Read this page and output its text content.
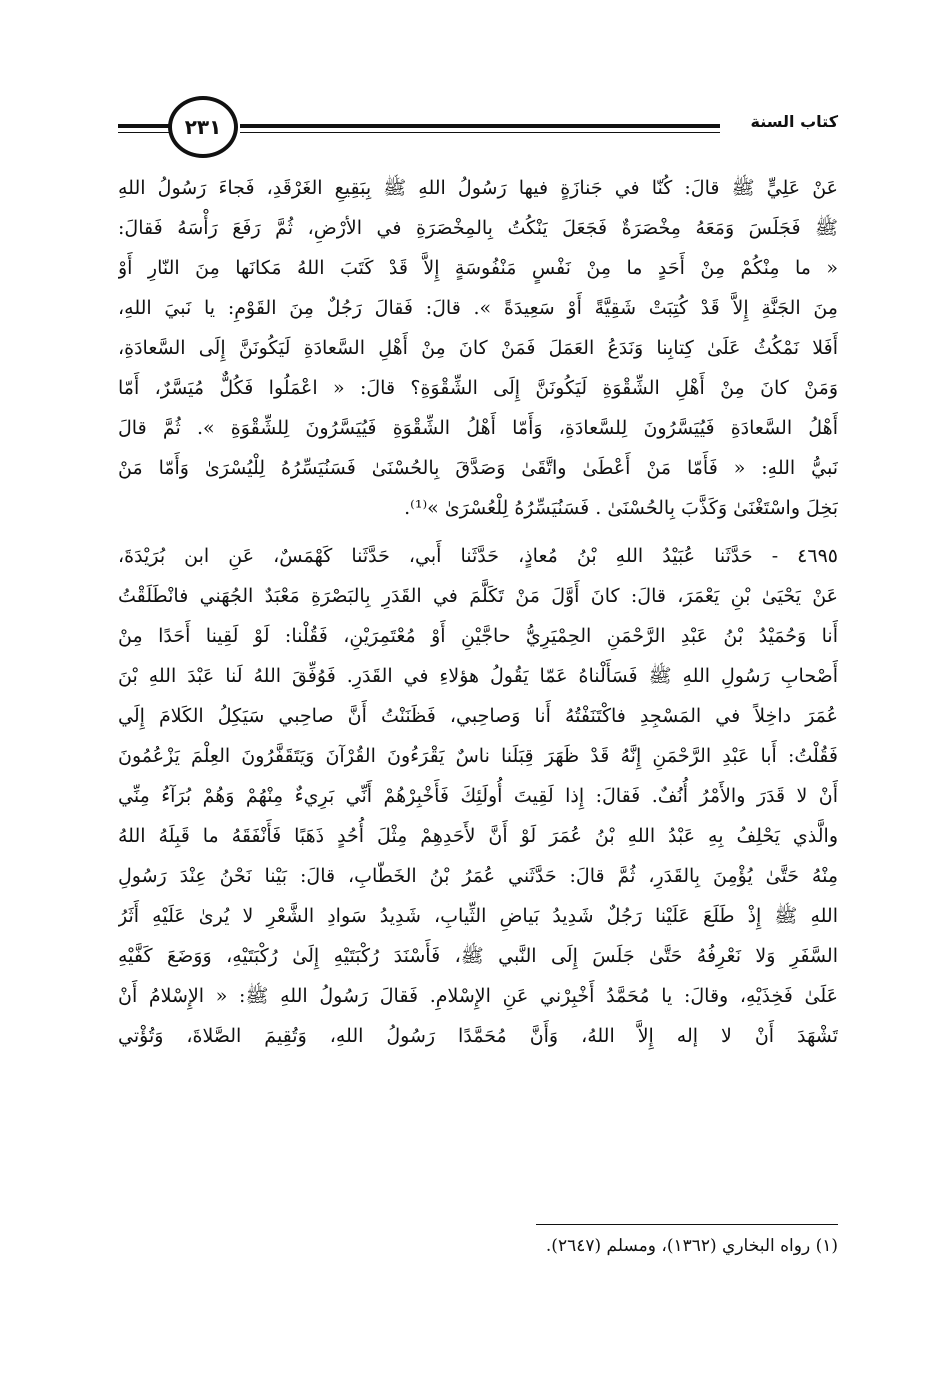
٢٣١	كتاب السنة
عَنْ عَلِيٍّ ﷺ قالَ: كُنّا في جَنازَةٍ فيها رَسُولُ اللهِ ﷺ بِبَقِيعِ الغَرْقَدِ، فَجاءَ رَسُولُ اللهِ
ﷺ فَجَلَسَ وَمَعَهُ مِخْصَرَةٌ فَجَعَلَ يَنْكُتُ بِالمِخْصَرَةِ في الأرْضِ، ثُمَّ رَفَعَ رَأْسَهُ فَقالَ:
« ما مِنْكُمْ مِنْ أَحَدٍ ما مِنْ نَفْسٍ مَنْفُوسَةٍ إِلاَّ قَدْ كَتَبَ اللهُ مَكانَها مِنَ النّارِ أَوْ
مِنَ الجَنَّةِ إِلاَّ قَدْ كُتِبَتْ شَقِيَّةً أَوْ سَعِيدَةً ». قالَ: فَقالَ رَجُلٌ مِنَ القَوْمِ: يا نَبيَ اللهِ،
أَفَلا نَمْكُثُ عَلَىٰ كِتابِنا وَنَدَعُ العَمَلَ فَمَنْ كانَ مِنْ أَهْلِ السَّعادَةِ لَيَكُونَنَّ إِلَى السَّعادَةِ،
وَمَنْ كانَ مِنْ أَهْلِ الشِّقْوَةِ لَيَكُونَنَّ إِلَى الشِّقْوَةِ؟ قالَ: « اعْمَلُوا فَكُلٌّ مُيَسَّرٌ، أَمّا
أَهْلُ السَّعادَةِ فَيُيَسَّرُونَ لِلسَّعادَةِ، وَأَمّا أَهْلُ الشِّقْوَةِ فَيُيَسَّرُونَ لِلشِّقْوَةِ ». ثُمَّ قالَ
نَبيُّ اللهِ: « فَأَمّا مَنْ أَعْطَىٰ واتَّقَىٰ وَصَدَّقَ بِالحُسْنَىٰ فَسَنُيَسِّرُهُ لِلْيُسْرَىٰ وَأَمّا مَنْ
بَخِلَ واسْتَغْنَىٰ وَكَذَّبَ بِالحُسْنَىٰ . فَسَنُيَسِّرُهُ لِلْعُسْرَىٰ »⁽¹⁾.
٤٦٩٥ - حَدَّثَنا عُبَيْدُ اللهِ بْنُ مُعاذٍ، حَدَّثَنا أَبي، حَدَّثَنا كَهْمَسٌ، عَنِ ابن بُرَيْدَةَ،
عَنْ يَحْيَىٰ بْنِ يَعْمَرَ، قالَ: كانَ أَوَّلَ مَنْ تَكَلَّمَ في القَدَرِ بِالبَصْرَةِ مَعْبَدٌ الجُهَني فانْطَلَقْتُ
أَنا وَحُمَيْدُ بْنُ عَبْدِ الرَّحْمَنِ الحِمْيَرِيُّ حاجَّيْنِ أَوْ مُعْتَمِرَيْنِ، فَقُلْنا: لَوْ لَقِينا أَحَدًا مِنْ
أَصْحابِ رَسُولِ اللهِ ﷺ فَسَأَلْناهُ عَمّا يَقُولُ هؤلاءِ في القَدَرِ. فَوُفِّقَ اللهُ لَنا عَبْدَ اللهِ بْنَ
عُمَرَ داخِلاً في المَسْجِدِ فاكْتَنَفْتُهُ أَنا وَصاحِبي، فَظَنَنْتُ أَنَّ صاحِبي سَيَكِلُ الكَلامَ إِلَي
فَقُلْتُ: أَبا عَبْدِ الرَّحْمَنِ إِنَّهُ قَدْ ظَهَرَ قِبَلَنا ناسٌ يَقْرَءُونَ القُرْآنَ وَيَتَقَفَّرُونَ العِلْمَ يَزْعُمُونَ
أَنْ لا قَدَرَ والأَمْرُ أُنُفٌ. فَقالَ: إِذا لَقِيتَ أُولَئِكَ فَأَخْبِرْهُمْ أَنِّي بَرِيءٌ مِنْهُمْ وَهُمْ بُرَآءُ مِنِّي
والَّذي يَحْلِفُ بِهِ عَبْدُ اللهِ بْنُ عُمَرَ لَوْ أَنَّ لأَحَدِهِمْ مِثْلَ أُحُدٍ ذَهَبًا فَأَنْفَقَهُ ما قَبِلَهُ اللهُ
مِنْهُ حَتَّىٰ يُؤْمِنَ بِالقَدَرِ، ثُمَّ قالَ: حَدَّثَني عُمَرُ بْنُ الخَطّابِ، قالَ: بَيْنا نَحْنُ عِنْدَ رَسُولِ
اللهِ ﷺ إِذْ طَلَعَ عَلَيْنا رَجُلٌ شَدِيدُ بَياضِ الثِّيابِ، شَدِيدُ سَوادِ الشَّعْرِ لا يُرىٰ عَلَيْهِ أَثَرُ
السَّفَرِ وَلا نَعْرِفُهُ حَتَّىٰ جَلَسَ إِلَى النَّبي ﷺ، فَأَسْنَدَ رُكْبَتَيْهِ إِلَىٰ رُكْبَتَيْهِ، وَوَضَعَ كَفَّيْهِ
عَلَىٰ فَخِذَيْهِ، وقالَ: يا مُحَمَّدُ أَخْبِرْني عَنِ الإِسْلامِ. فَقالَ رَسُولُ اللهِ ﷺ: « الإِسْلامُ أَنْ
تَشْهَدَ أَنْ لا إله إِلاَّ اللهُ، وَأَنَّ مُحَمَّدًا رَسُولُ اللهِ، وَتُقِيمَ الصَّلاةَ، وَتُؤْتي
(١) رواه البخاري (١٣٦٢)، ومسلم (٢٦٤٧).
